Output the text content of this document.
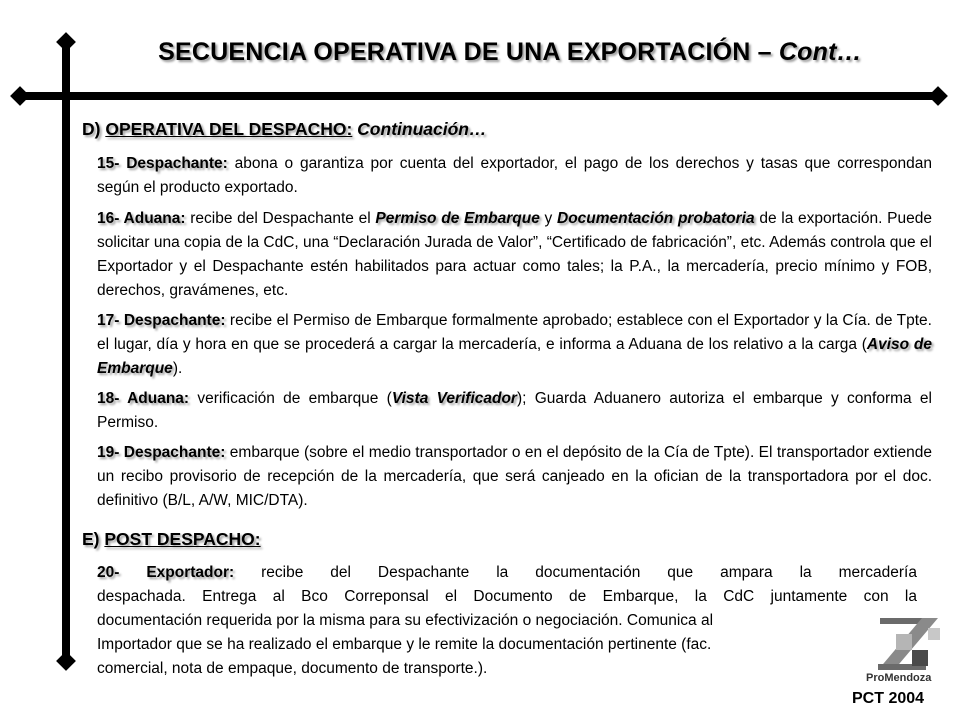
SECUENCIA OPERATIVA DE UNA EXPORTACIÓN – Cont…
D) OPERATIVA DEL DESPACHO: Continuación…
15- Despachante: abona o garantiza por cuenta del exportador, el pago de los derechos y tasas que correspondan según el producto exportado.
16- Aduana: recibe del Despachante el Permiso de Embarque y Documentación probatoria de la exportación. Puede solicitar una copia de la CdC, una “Declaración Jurada de Valor”, “Certificado de fabricación”, etc. Además controla que el Exportador y el Despachante estén habilitados para actuar como tales; la P.A., la mercadería, precio mínimo y FOB, derechos, gravámenes, etc.
17- Despachante: recibe el Permiso de Embarque formalmente aprobado; establece con el Exportador y la Cía. de Tpte. el lugar, día y hora en que se procederá a cargar la mercadería, e informa a Aduana de los relativo a la carga (Aviso de Embarque).
18- Aduana: verificación de embarque (Vista Verificador); Guarda Aduanero autoriza el embarque y conforma el Permiso.
19- Despachante: embarque (sobre el medio transportador o en el depósito de la Cía de Tpte). El transportador extiende un recibo provisorio de recepción de la mercadería, que será canjeado en la ofician de la transportadora por el doc. definitivo (B/L, A/W, MIC/DTA).
E) POST DESPACHO:
20- Exportador: recibe del Despachante la documentación que ampara la mercadería
despachada. Entrega al Bco Correponsal el Documento de Embarque, la CdC juntamente con la
documentación requerida por la misma para su efectivización o negociación. Comunica al
Importador que se ha realizado el embarque y le remite la documentación pertinente (fac.
comercial, nota de empaque, documento de transporte.).
ProMendoza
PCT 2004
